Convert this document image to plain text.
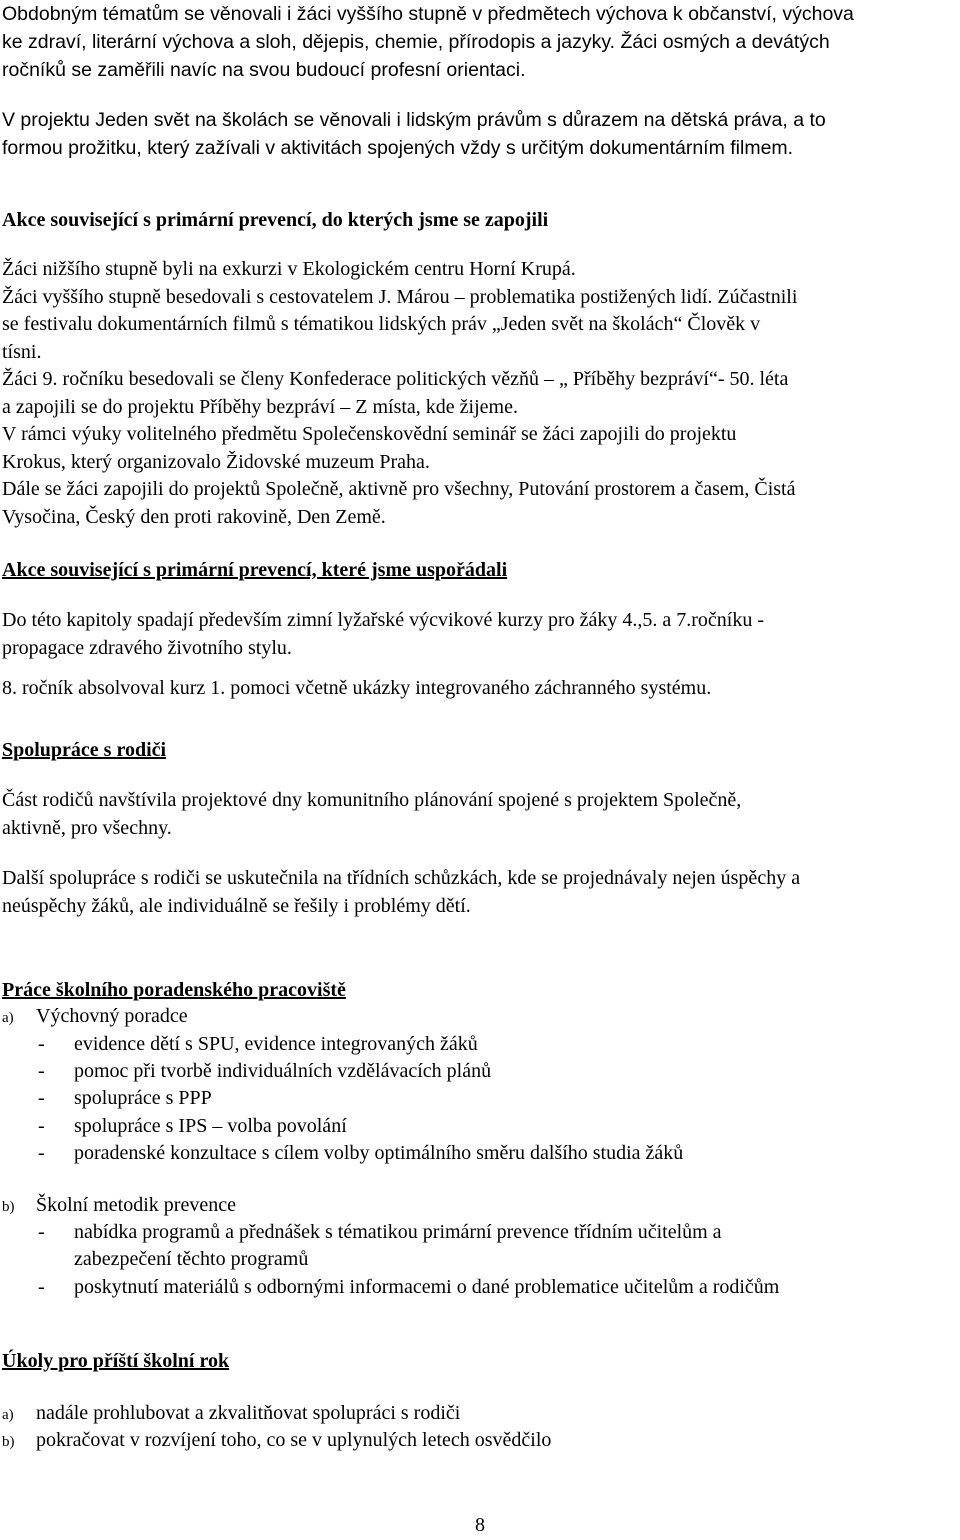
Obdobným tématům se věnovali i žáci vyššího stupně v předmětech výchova k občanství, výchova
ke zdraví, literární výchova a sloh, dějepis, chemie, přírodopis a jazyky. Žáci osmých a devátých
ročníků se zaměřili navíc na svou budoucí profesní orientaci.
V projektu Jeden svět na školách se věnovali i lidským právům s důrazem na dětská práva, a to
formou prožitku, který zažívali v aktivitách spojených vždy s určitým dokumentárním filmem.
Akce související s primární prevencí, do kterých jsme se zapojili
Žáci nižšího stupně byli na exkurzi v Ekologickém centru Horní Krupá.
Žáci vyššího stupně besedovali s cestovatelem J. Márou – problematika postižených lidí. Zúčastnili
se festivalu dokumentárních filmů s tématikou lidských práv „Jeden svět na školách“ Člověk v
tísni.
Žáci 9. ročníku besedovali se členy Konfederace politických vězňů – „ Příběhy bezpráví“- 50. léta
a zapojili se do projektu Příběhy bezpráví – Z místa, kde žijeme.
V rámci výuky volitelného předmětu Společenskovědní seminář se žáci zapojili do projektu
Krokus, který organizovalo Židovské muzeum Praha.
Dále se žáci zapojili do projektů Společně, aktivně pro všechny, Putování prostorem a časem, Čistá
Vysočina, Český den proti rakovině, Den Země.
Akce související s primární prevencí, které jsme uspořádali
Do této kapitoly spadají především zimní lyžařské výcvikové kurzy pro žáky 4.,5. a 7.ročníku -
propagace zdravého životního stylu.
8. ročník absolvoval kurz 1. pomoci včetně ukázky integrovaného záchranného systému.
Spolupráce s rodiči
Část rodičů navštívila projektové dny komunitního plánování spojené s projektem Společně,
aktivně, pro všechny.
Další spolupráce s rodiči se uskutečnila na třídních schůzkách, kde se projednávaly nejen úspěchy a
neúspěchy žáků, ale individuálně se řešily i problémy dětí.
Práce školního poradenského pracoviště
a) Výchovný poradce
- evidence dětí s SPU, evidence integrovaných žáků
- pomoc při tvorbě individuálních vzdělávacích plánů
- spolupráce s PPP
- spolupráce s IPS – volba povolání
- poradenské konzultace s cílem volby optimálního směru dalšího studia žáků
b) Školní metodik prevence
- nabídka programů a přednášek s tématikou primární prevence třídním učitelům a
zabezpečení těchto programů
- poskytnutí materiálů s odbornými informacemi o dané problematice učitelům a rodičům
Úkoly pro příští školní rok
a) nadále prohlubovat a zkvalitňovat spolupráci s rodiči
b) pokračovat v rozvíjení toho, co se v uplynulých letech osvědčilo
8
